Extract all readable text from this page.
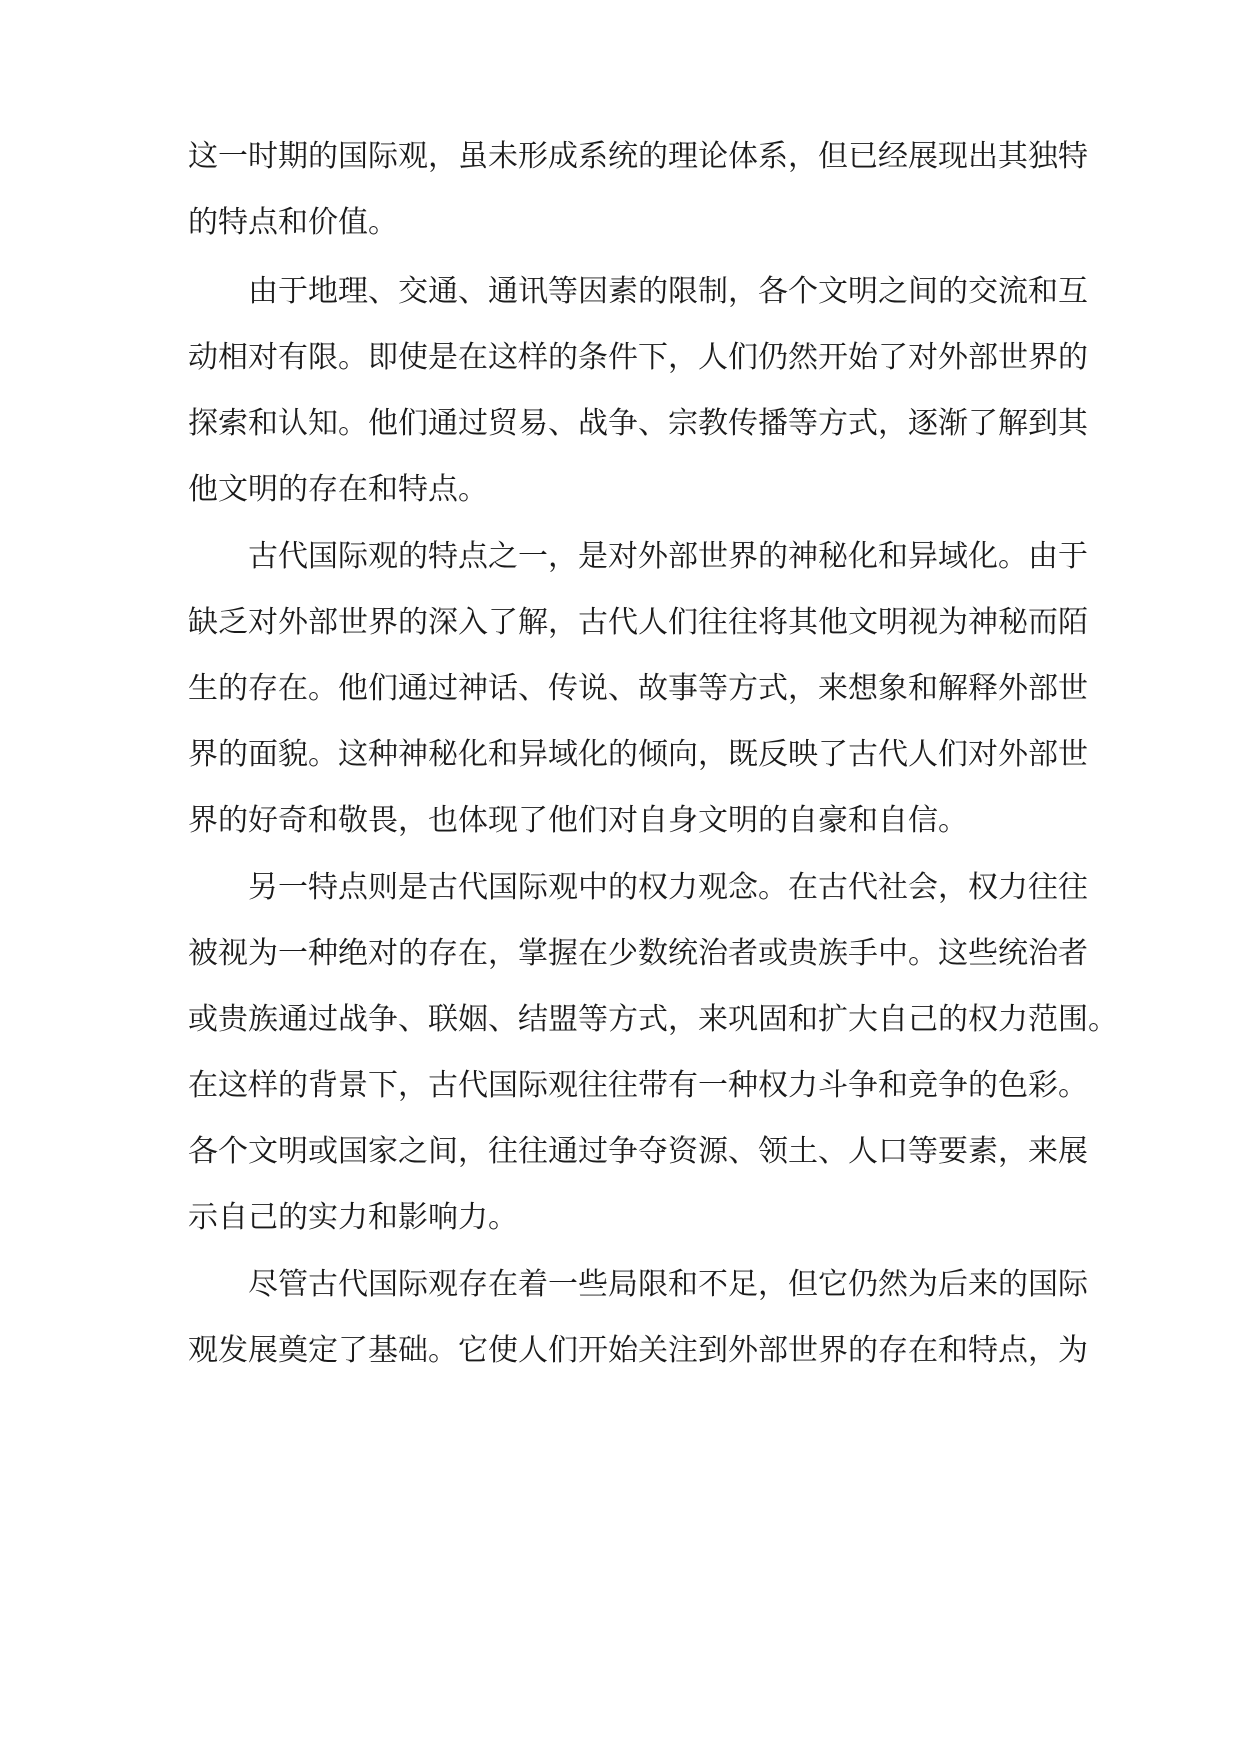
这一时期的国际观，虽未形成系统的理论体系，但已经展现出其独特
的特点和价值。
由于地理、交通、通讯等因素的限制，各个文明之间的交流和互
动相对有限。即使是在这样的条件下，人们仍然开始了对外部世界的
探索和认知。他们通过贸易、战争、宗教传播等方式，逐渐了解到其
他文明的存在和特点。
古代国际观的特点之一，是对外部世界的神秘化和异域化。由于
缺乏对外部世界的深入了解，古代人们往往将其他文明视为神秘而陌
生的存在。他们通过神话、传说、故事等方式，来想象和解释外部世
界的面貌。这种神秘化和异域化的倾向，既反映了古代人们对外部世
界的好奇和敬畏，也体现了他们对自身文明的自豪和自信。
另一特点则是古代国际观中的权力观念。在古代社会，权力往往
被视为一种绝对的存在，掌握在少数统治者或贵族手中。这些统治者
或贵族通过战争、联姻、结盟等方式，来巩固和扩大自己的权力范围。
在这样的背景下，古代国际观往往带有一种权力斗争和竞争的色彩。
各个文明或国家之间，往往通过争夺资源、领土、人口等要素，来展
示自己的实力和影响力。
尽管古代国际观存在着一些局限和不足，但它仍然为后来的国际
观发展奠定了基础。它使人们开始关注到外部世界的存在和特点，为
